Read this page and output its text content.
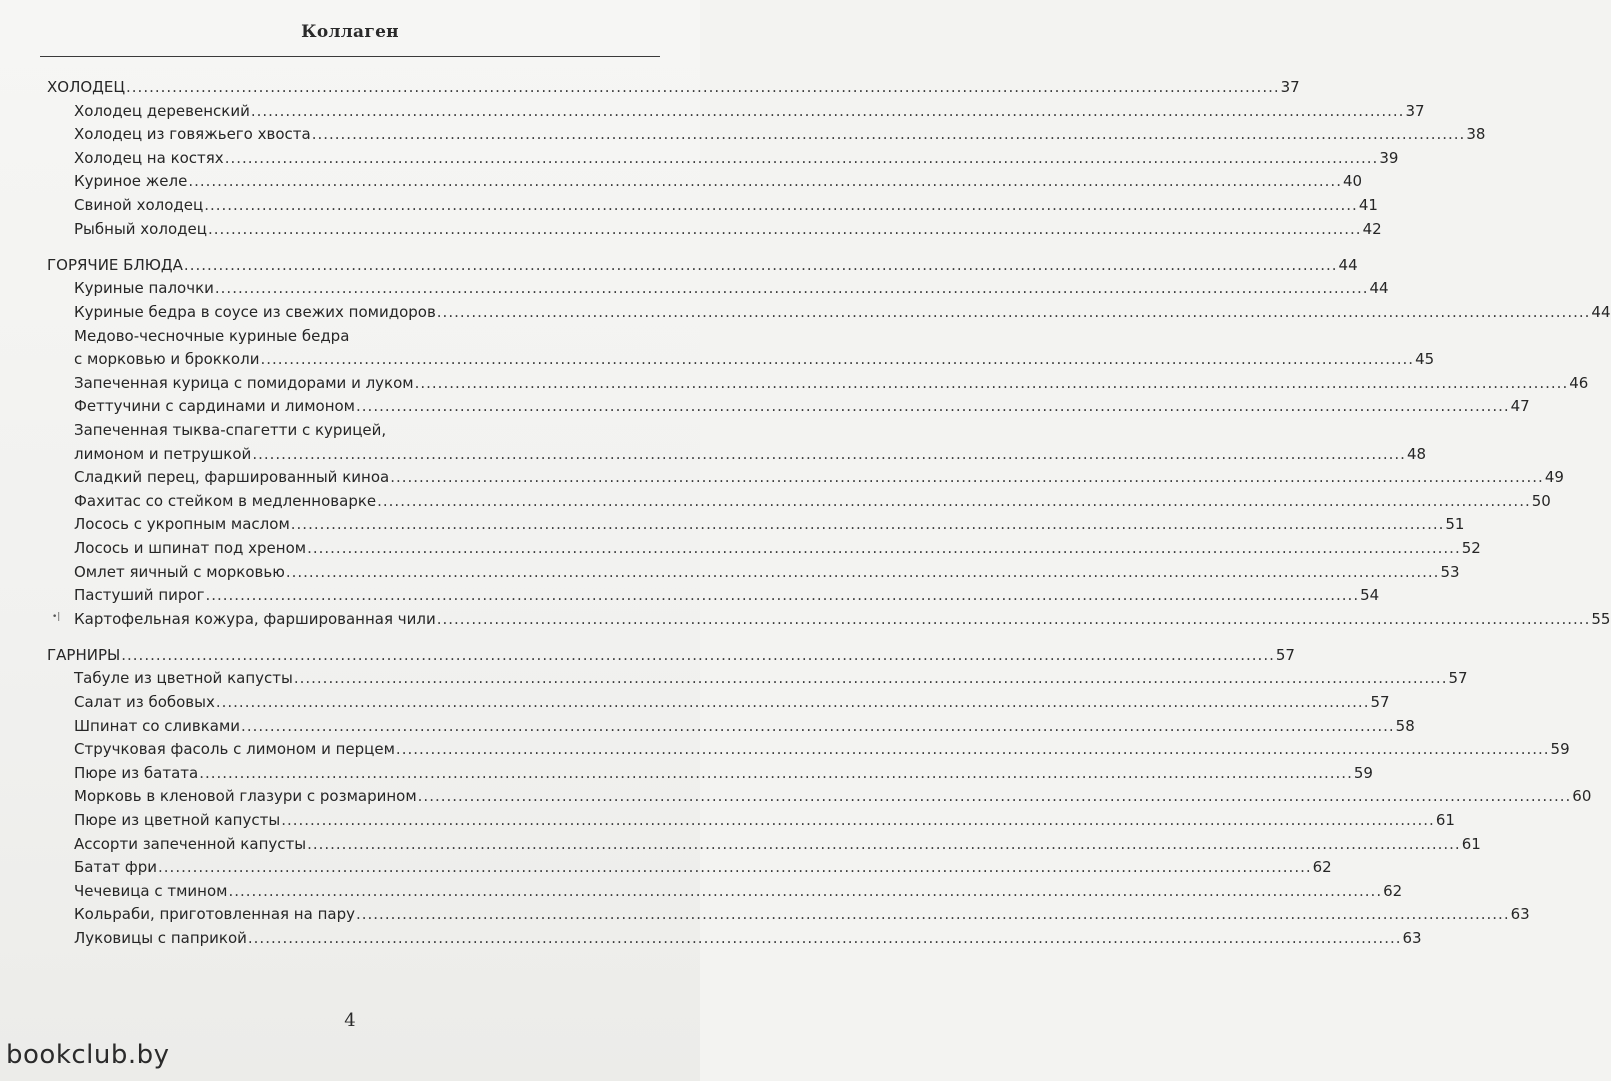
Коллаген
ХОЛОДЕЦ ........................................................................................................................................................................................................ 37
Холодец деревенский ........................................................................................................................................................................................................ 37
Холодец из говяжьего хвоста ........................................................................................................................................................................................................ 38
Холодец на костях ........................................................................................................................................................................................................ 39
Куриное желе ........................................................................................................................................................................................................ 40
Свиной холодец ........................................................................................................................................................................................................ 41
Рыбный холодец ........................................................................................................................................................................................................ 42
ГОРЯЧИЕ БЛЮДА ........................................................................................................................................................................................................ 44
Куриные палочки ........................................................................................................................................................................................................ 44
Куриные бедра в соусе из свежих помидоров ........................................................................................................................................................................................................ 44
Медово-чесночные куриные бедра
с морковью и брокколи ........................................................................................................................................................................................................ 45
Запеченная курица с помидорами и луком ........................................................................................................................................................................................................ 46
Феттучини с сардинами и лимоном ........................................................................................................................................................................................................ 47
Запеченная тыква-спагетти с курицей,
лимоном и петрушкой ........................................................................................................................................................................................................ 48
Сладкий перец, фаршированный киноа ........................................................................................................................................................................................................ 49
Фахитас со стейком в медленноварке ........................................................................................................................................................................................................ 50
Лосось с укропным маслом ........................................................................................................................................................................................................ 51
Лосось и шпинат под хреном ........................................................................................................................................................................................................ 52
Омлет яичный с морковью ........................................................................................................................................................................................................ 53
Пастуший пирог ........................................................................................................................................................................................................ 54
Картофельная кожура, фаршированная чили ........................................................................................................................................................................................................ 55
ГАРНИРЫ ........................................................................................................................................................................................................ 57
Табуле из цветной капусты ........................................................................................................................................................................................................ 57
Салат из бобовых ........................................................................................................................................................................................................ 57
Шпинат со сливками ........................................................................................................................................................................................................ 58
Стручковая фасоль с лимоном и перцем ........................................................................................................................................................................................................ 59
Пюре из батата ........................................................................................................................................................................................................ 59
Морковь в кленовой глазури с розмарином ........................................................................................................................................................................................................ 60
Пюре из цветной капусты ........................................................................................................................................................................................................ 61
Ассорти запеченной капусты ........................................................................................................................................................................................................ 61
Батат фри ........................................................................................................................................................................................................ 62
Чечевица с тмином ........................................................................................................................................................................................................ 62
Кольраби, приготовленная на пару ........................................................................................................................................................................................................ 63
Луковицы с паприкой ........................................................................................................................................................................................................ 63
•|
4
bookclub.by
